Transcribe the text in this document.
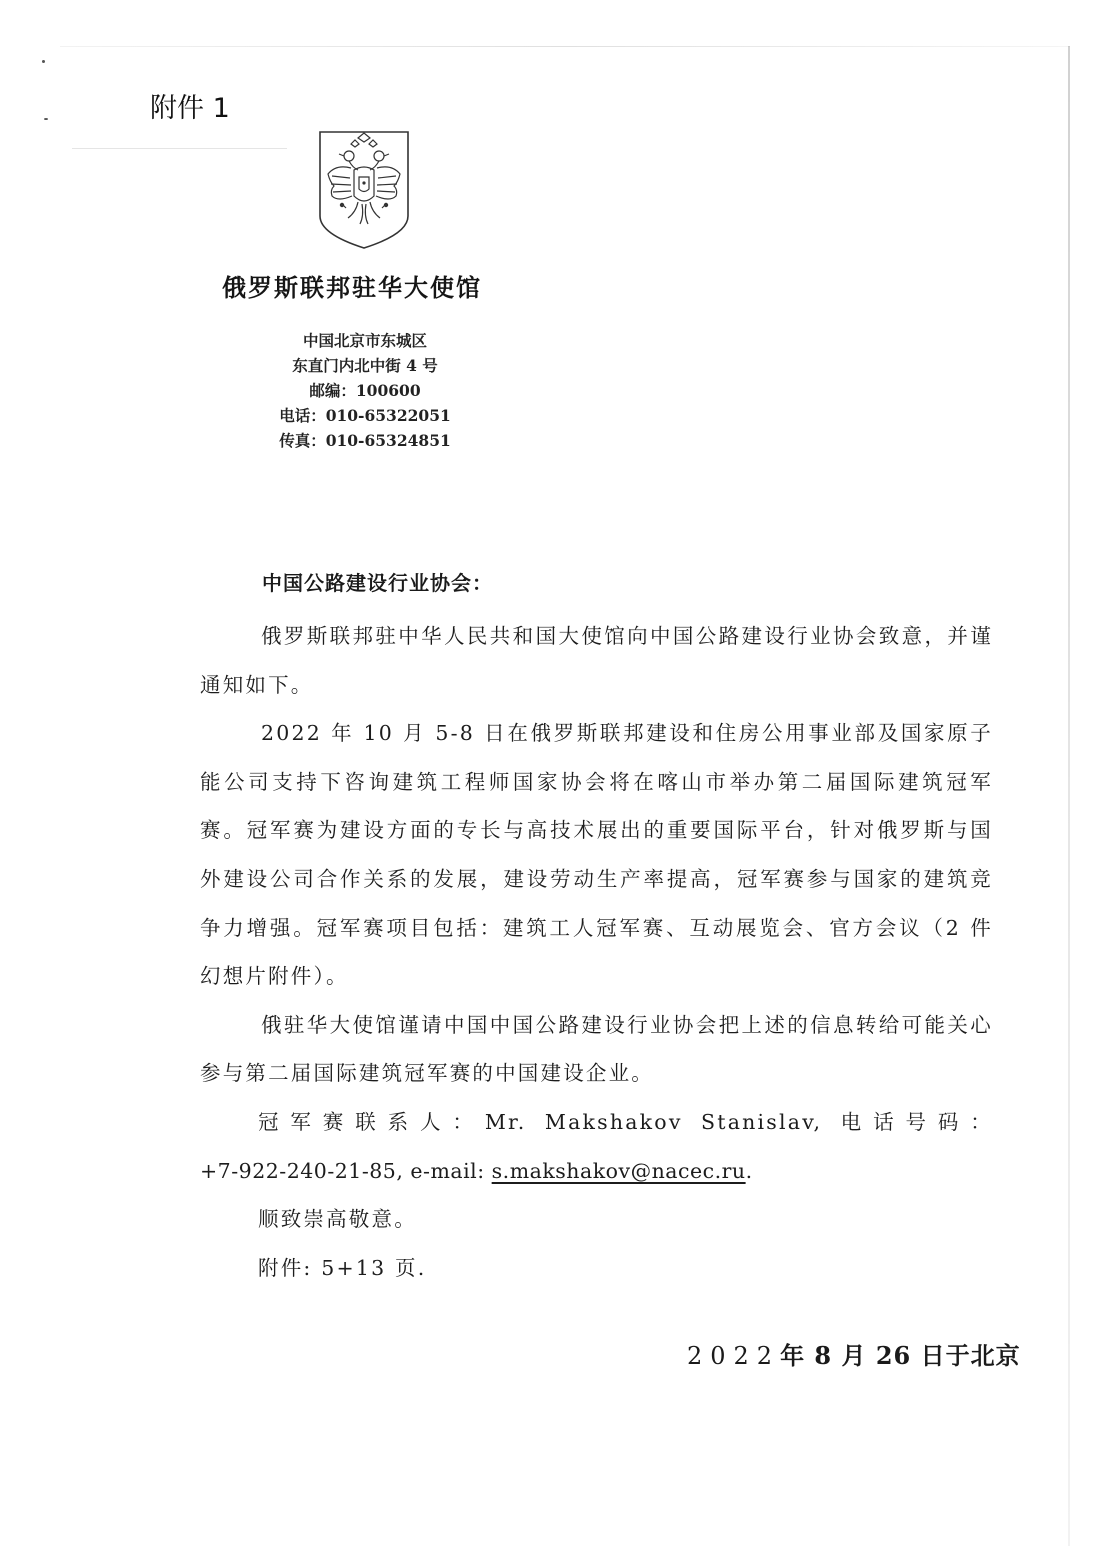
附件 1
俄罗斯联邦驻华大使馆
中国北京市东城区
东直门内北中街 4 号
邮编：100600
电话：010-65322051
传真：010-65324851
中国公路建设行业协会：

俄罗斯联邦驻中华人民共和国大使馆向中国公路建设行业协会致意，并谨通知如下。

2022 年 10 月 5-8 日在俄罗斯联邦建设和住房公用事业部及国家原子能公司支持下咨询建筑工程师国家协会将在喀山市举办第二届国际建筑冠军赛。冠军赛为建设方面的专长与高技术展出的重要国际平台，针对俄罗斯与国外建设公司合作关系的发展，建设劳动生产率提高，冠军赛参与国家的建筑竞争力增强。冠军赛项目包括：建筑工人冠军赛、互动展览会、官方会议（2 件幻想片附件）。

俄驻华大使馆谨请中国中国公路建设行业协会把上述的信息转给可能关心参与第二届国际建筑冠军赛的中国建设企业。

冠军赛联系人：Mr. Makshakov Stanislav, 电话号码：

+7-922-240-21-85, e-mail: s.makshakov@nacec.ru.

顺致崇高敬意。

附件: 5+13 页.

2022年 8 月 26 日于北京
